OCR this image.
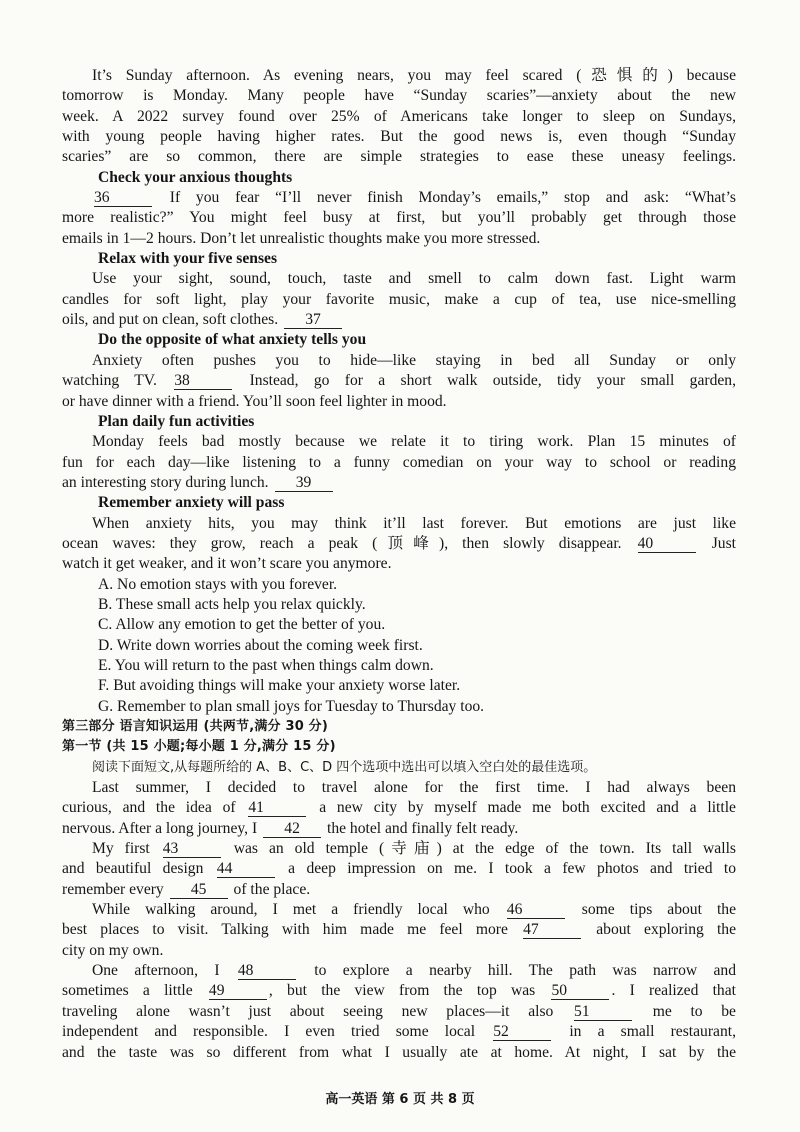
It’s Sunday afternoon. As evening nears, you may feel scared (恐惧的) because
tomorrow is Monday. Many people have “Sunday scaries”—anxiety about the new
week. A 2022 survey found over 25% of Americans take longer to sleep on Sundays,
with young people having higher rates. But the good news is, even though “Sunday
scaries” are so common, there are simple strategies to ease these uneasy feelings.
Check your anxious thoughts
36	If you fear “I’ll never finish Monday’s emails,” stop and ask: “What’s
more realistic?” You might feel busy at first, but you’ll probably get through those
emails in 1—2 hours. Don’t let unrealistic thoughts make you more stressed.
Relax with your five senses
Use your sight, sound, touch, taste and smell to calm down fast. Light warm
candles for soft light, play your favorite music, make a cup of tea, use nice-smelling
oils, and put on clean, soft clothes. 37
Do the opposite of what anxiety tells you
Anxiety often pushes you to hide—like staying in bed all Sunday or only
watching TV. 38	Instead, go for a short walk outside, tidy your small garden,
or have dinner with a friend. You’ll soon feel lighter in mood.
Plan daily fun activities
Monday feels bad mostly because we relate it to tiring work. Plan 15 minutes of
fun for each day—like listening to a funny comedian on your way to school or reading
an interesting story during lunch. 39
Remember anxiety will pass
When anxiety hits, you may think it’ll last forever. But emotions are just like
ocean waves: they grow, reach a peak (顶峰), then slowly disappear. 40	Just
watch it get weaker, and it won’t scare you anymore.
A. No emotion stays with you forever.
B. These small acts help you relax quickly.
C. Allow any emotion to get the better of you.
D. Write down worries about the coming week first.
E. You will return to the past when things calm down.
F. But avoiding things will make your anxiety worse later.
G. Remember to plan small joys for Tuesday to Thursday too.
第三部分 语言知识运用 (共两节,满分 30 分)
第一节 (共 15 小题;每小题 1 分,满分 15 分)
阅读下面短文,从每题所给的 A、B、C、D 四个选项中选出可以填入空白处的最佳选项。
Last summer, I decided to travel alone for the first time. I had always been
curious, and the idea of 41	a new city by myself made me both excited and a little
nervous. After a long journey, I 42 the hotel and finally felt ready.
My first 43	was an old temple (寺庙) at the edge of the town. Its tall walls
and beautiful design 44	a deep impression on me. I took a few photos and tried to
remember every 45 of the place.
While walking around, I met a friendly local who 46	some tips about the
best places to visit. Talking with him made me feel more 47	about exploring the
city on my own.
One afternoon, I 48	to explore a nearby hill. The path was narrow and
sometimes a little 49	, but the view from the top was 50	. I realized that
traveling alone wasn’t just about seeing new places—it also 51	me to be
independent and responsible. I even tried some local 52	in a small restaurant,
and the taste was so different from what I usually ate at home. At night, I sat by the
高一英语 第 6 页 共 8 页
